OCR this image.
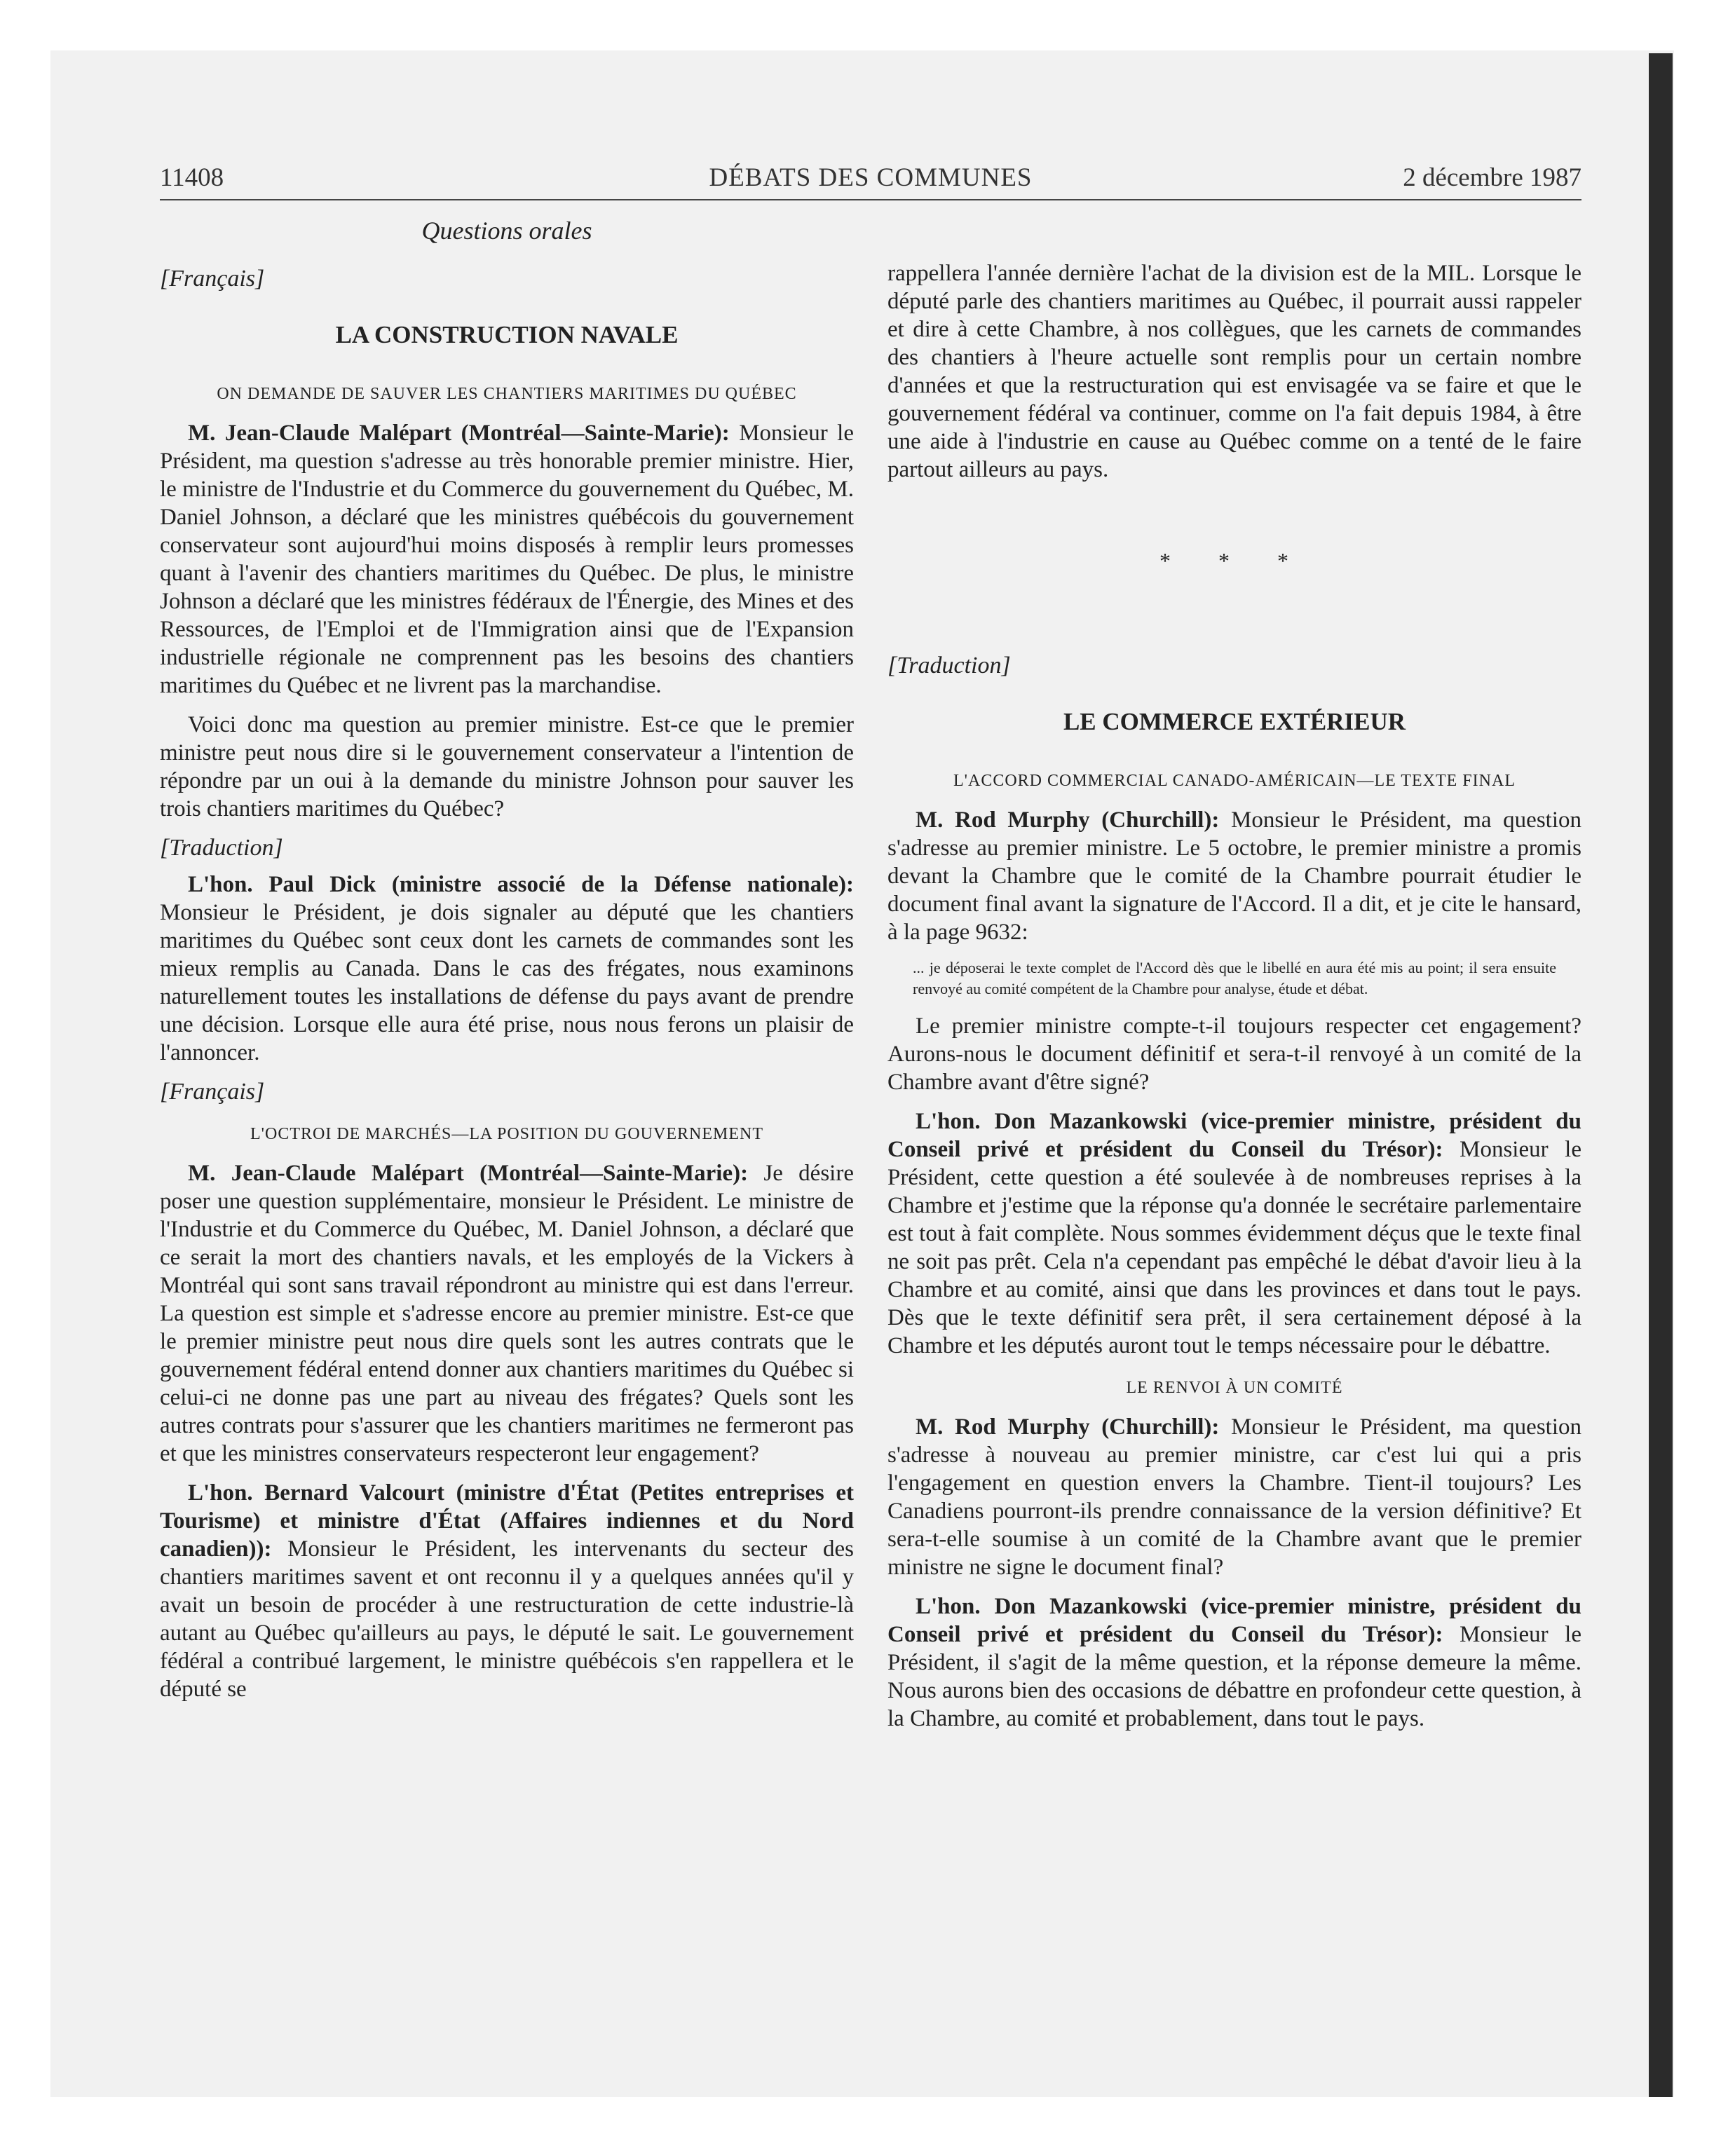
11408	DÉBATS DES COMMUNES	2 décembre 1987
Questions orales
[Français]
LA CONSTRUCTION NAVALE
ON DEMANDE DE SAUVER LES CHANTIERS MARITIMES DU QUÉBEC

M. Jean-Claude Malépart (Montréal—Sainte-Marie): Monsieur le Président, ma question s'adresse au très honorable premier ministre. Hier, le ministre de l'Industrie et du Commerce du gouvernement du Québec, M. Daniel Johnson, a déclaré que les ministres québécois du gouvernement conservateur sont aujourd'hui moins disposés à remplir leurs promesses quant à l'avenir des chantiers maritimes du Québec. De plus, le ministre Johnson a déclaré que les ministres fédéraux de l'Énergie, des Mines et des Ressources, de l'Emploi et de l'Immigration ainsi que de l'Expansion industrielle régionale ne comprennent pas les besoins des chantiers maritimes du Québec et ne livrent pas la marchandise.

Voici donc ma question au premier ministre. Est-ce que le premier ministre peut nous dire si le gouvernement conservateur a l'intention de répondre par un oui à la demande du ministre Johnson pour sauver les trois chantiers maritimes du Québec?

[Traduction]

L'hon. Paul Dick (ministre associé de la Défense nationale): Monsieur le Président, je dois signaler au député que les chantiers maritimes du Québec sont ceux dont les carnets de commandes sont les mieux remplis au Canada. Dans le cas des frégates, nous examinons naturellement toutes les installations de défense du pays avant de prendre une décision. Lorsque elle aura été prise, nous nous ferons un plaisir de l'annoncer.

[Français]
L'OCTROI DE MARCHÉS—LA POSITION DU GOUVERNEMENT

M. Jean-Claude Malépart (Montréal—Sainte-Marie): Je désire poser une question supplémentaire, monsieur le Président. Le ministre de l'Industrie et du Commerce du Québec, M. Daniel Johnson, a déclaré que ce serait la mort des chantiers navals, et les employés de la Vickers à Montréal qui sont sans travail répondront au ministre qui est dans l'erreur. La question est simple et s'adresse encore au premier ministre. Est-ce que le premier ministre peut nous dire quels sont les autres contrats que le gouvernement fédéral entend donner aux chantiers maritimes du Québec si celui-ci ne donne pas une part au niveau des frégates? Quels sont les autres contrats pour s'assurer que les chantiers maritimes ne fermeront pas et que les ministres conservateurs respecteront leur engagement?

L'hon. Bernard Valcourt (ministre d'État (Petites entreprises et Tourisme) et ministre d'État (Affaires indiennes et du Nord canadien)): Monsieur le Président, les intervenants du secteur des chantiers maritimes savent et ont reconnu il y a quelques années qu'il y avait un besoin de procéder à une restructuration de cette industrie-là autant au Québec qu'ailleurs au pays, le député le sait. Le gouvernement fédéral a contribué largement, le ministre québécois s'en rappellera et le député se

rappellera l'année dernière l'achat de la division est de la MIL. Lorsque le député parle des chantiers maritimes au Québec, il pourrait aussi rappeler et dire à cette Chambre, à nos collègues, que les carnets de commandes des chantiers à l'heure actuelle sont remplis pour un certain nombre d'années et que la restructuration qui est envisagée va se faire et que le gouvernement fédéral va continuer, comme on l'a fait depuis 1984, à être une aide à l'industrie en cause au Québec comme on a tenté de le faire partout ailleurs au pays.

* * *
[Traduction]
LE COMMERCE EXTÉRIEUR
L'ACCORD COMMERCIAL CANADO-AMÉRICAIN—LE TEXTE FINAL

M. Rod Murphy (Churchill): Monsieur le Président, ma question s'adresse au premier ministre. Le 5 octobre, le premier ministre a promis devant la Chambre que le comité de la Chambre pourrait étudier le document final avant la signature de l'Accord. Il a dit, et je cite le hansard, à la page 9632:

... je déposerai le texte complet de l'Accord dès que le libellé en aura été mis au point; il sera ensuite renvoyé au comité compétent de la Chambre pour analyse, étude et débat.

Le premier ministre compte-t-il toujours respecter cet engagement? Aurons-nous le document définitif et sera-t-il renvoyé à un comité de la Chambre avant d'être signé?

L'hon. Don Mazankowski (vice-premier ministre, président du Conseil privé et président du Conseil du Trésor): Monsieur le Président, cette question a été soulevée à de nombreuses reprises à la Chambre et j'estime que la réponse qu'a donnée le secrétaire parlementaire est tout à fait complète. Nous sommes évidemment déçus que le texte final ne soit pas prêt. Cela n'a cependant pas empêché le débat d'avoir lieu à la Chambre et au comité, ainsi que dans les provinces et dans tout le pays. Dès que le texte définitif sera prêt, il sera certainement déposé à la Chambre et les députés auront tout le temps nécessaire pour le débattre.

LE RENVOI À UN COMITÉ

M. Rod Murphy (Churchill): Monsieur le Président, ma question s'adresse à nouveau au premier ministre, car c'est lui qui a pris l'engagement en question envers la Chambre. Tient-il toujours? Les Canadiens pourront-ils prendre connaissance de la version définitive? Et sera-t-elle soumise à un comité de la Chambre avant que le premier ministre ne signe le document final?

L'hon. Don Mazankowski (vice-premier ministre, président du Conseil privé et président du Conseil du Trésor): Monsieur le Président, il s'agit de la même question, et la réponse demeure la même. Nous aurons bien des occasions de débattre en profondeur cette question, à la Chambre, au comité et probablement, dans tout le pays.
